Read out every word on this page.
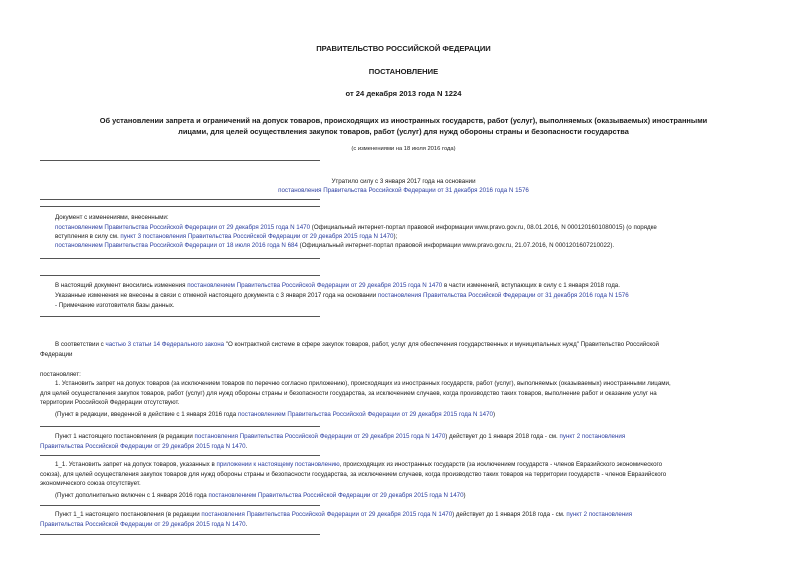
ПРАВИТЕЛЬСТВО РОССИЙСКОЙ ФЕДЕРАЦИИ
ПОСТАНОВЛЕНИЕ
от 24 декабря 2013 года N 1224
Об установлении запрета и ограничений на допуск товаров, происходящих из иностранных государств, работ (услуг), выполняемых (оказываемых) иностранными
лицами, для целей осуществления закупок товаров, работ (услуг) для нужд обороны страны и безопасности государства
(с изменениями на 18 июля 2016 года)
Утратило силу с 3 января 2017 года на основании
постановления Правительства Российской Федерации от 31 декабря 2016 года N 1576
Документ с изменениями, внесенными:
постановлением Правительства Российской Федерации от 29 декабря 2015 года N 1470 (Официальный интернет-портал правовой информации www.pravo.gov.ru, 08.01.2016, N 0001201601080015) (о порядке
вступления в силу см. пункт 3 постановления Правительства Российской Федерации от 29 декабря 2015 года N 1470);
постановлением Правительства Российской Федерации от 18 июля 2016 года N 684 (Официальный интернет-портал правовой информации www.pravo.gov.ru, 21.07.2016, N 0001201607210022).
В настоящий документ вносились изменения постановлением Правительства Российской Федерации от 29 декабря 2015 года N 1470 в части изменений, вступающих в силу с 1 января 2018 года.
Указанные изменения не внесены в связи с отменой настоящего документа с 3 января 2017 года на основании постановления Правительства Российской Федерации от 31 декабря 2016 года N 1576
- Примечание изготовителя базы данных.
В соответствии с частью 3 статьи 14 Федерального закона "О контрактной системе в сфере закупок товаров, работ, услуг для обеспечения государственных и муниципальных нужд" Правительство Российской
Федерации
постановляет:
1. Установить запрет на допуск товаров (за исключением товаров по перечню согласно приложению), происходящих из иностранных государств, работ (услуг), выполняемых (оказываемых) иностранными лицами,
для целей осуществления закупок товаров, работ (услуг) для нужд обороны страны и безопасности государства, за исключением случаев, когда производство таких товаров, выполнение работ и оказание услуг на
территории Российской Федерации отсутствуют.
(Пункт в редакции, введенной в действие с 1 января 2016 года постановлением Правительства Российской Федерации от 29 декабря 2015 года N 1470)
Пункт 1 настоящего постановления (в редакции постановления Правительства Российской Федерации от 29 декабря 2015 года N 1470) действует до 1 января 2018 года - см. пункт 2 постановления
Правительства Российской Федерации от 29 декабря 2015 года N 1470.
1_1. Установить запрет на допуск товаров, указанных в приложении к настоящему постановлению, происходящих из иностранных государств (за исключением государств - членов Евразийского экономического
союза), для целей осуществления закупок товаров для нужд обороны страны и безопасности государства, за исключением случаев, когда производство таких товаров на территории государств - членов Евразийского
экономического союза отсутствует.
(Пункт дополнительно включен с 1 января 2016 года постановлением Правительства Российской Федерации от 29 декабря 2015 года N 1470)
Пункт 1_1 настоящего постановления (в редакции постановления Правительства Российской Федерации от 29 декабря 2015 года N 1470) действует до 1 января 2018 года - см. пункт 2 постановления
Правительства Российской Федерации от 29 декабря 2015 года N 1470.
